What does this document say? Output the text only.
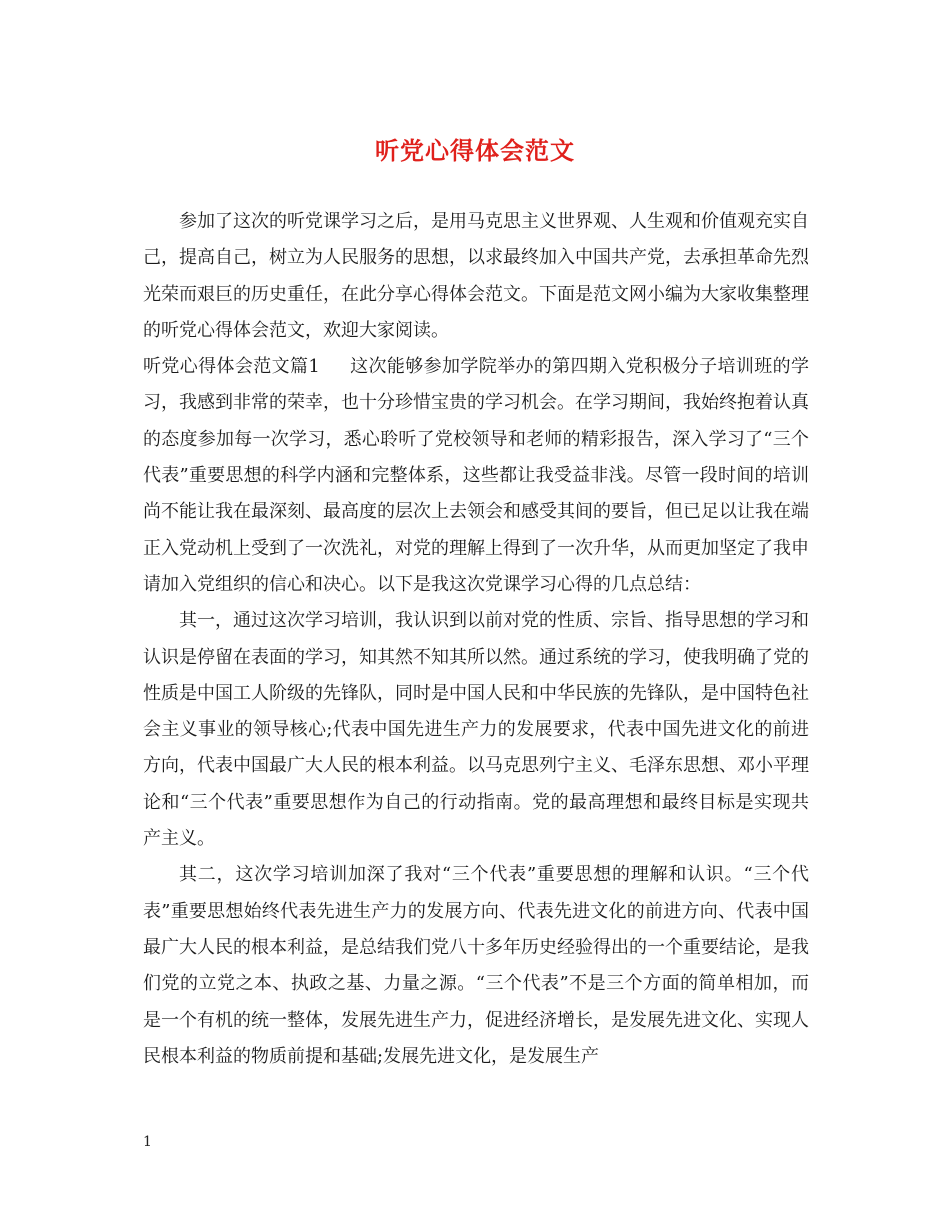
听党心得体会范文

参加了这次的听党课学习之后，是用马克思主义世界观、人生观和价值观充实自己，提高自己，树立为人民服务的思想，以求最终加入中国共产党，去承担革命先烈光荣而艰巨的历史重任，在此分享心得体会范文。下面是范文网小编为大家收集整理的听党心得体会范文，欢迎大家阅读。

听党心得体会范文篇1 这次能够参加学院举办的第四期入党积极分子培训班的学习，我感到非常的荣幸，也十分珍惜宝贵的学习机会。在学习期间，我始终抱着认真的态度参加每一次学习，悉心聆听了党校领导和老师的精彩报告，深入学习了“三个代表”重要思想的科学内涵和完整体系，这些都让我受益非浅。尽管一段时间的培训尚不能让我在最深刻、最高度的层次上去领会和感受其间的要旨，但已足以让我在端正入党动机上受到了一次洗礼，对党的理解上得到了一次升华，从而更加坚定了我申请加入党组织的信心和决心。以下是我这次党课学习心得的几点总结：

其一，通过这次学习培训，我认识到以前对党的性质、宗旨、指导思想的学习和认识是停留在表面的学习，知其然不知其所以然。通过系统的学习，使我明确了党的性质是中国工人阶级的先锋队，同时是中国人民和中华民族的先锋队，是中国特色社会主义事业的领导核心;代表中国先进生产力的发展要求，代表中国先进文化的前进方向，代表中国最广大人民的根本利益。以马克思列宁主义、毛泽东思想、邓小平理论和“三个代表”重要思想作为自己的行动指南。党的最高理想和最终目标是实现共产主义。

其二，这次学习培训加深了我对“三个代表”重要思想的理解和认识。“三个代表”重要思想始终代表先进生产力的发展方向、代表先进文化的前进方向、代表中国最广大人民的根本利益，是总结我们党八十多年历史经验得出的一个重要结论，是我们党的立党之本、执政之基、力量之源。“三个代表”不是三个方面的简单相加，而是一个有机的统一整体，发展先进生产力，促进经济增长，是发展先进文化、实现人民根本利益的物质前提和基础;发展先进文化，是发展生产

1
